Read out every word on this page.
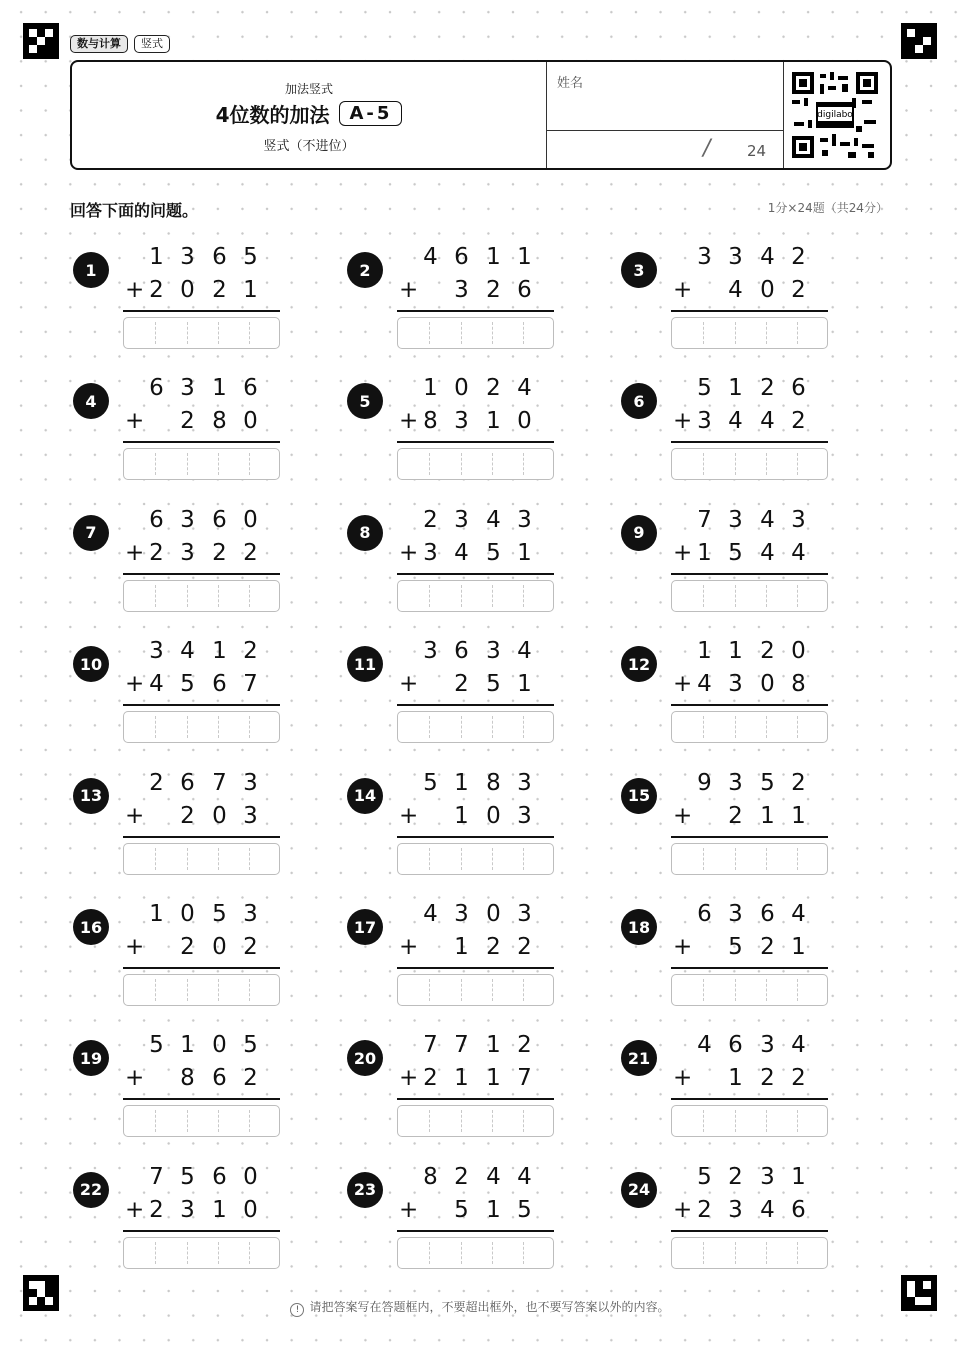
数与计算	竖式
加法竖式
4位数的加法	A-5
竖式（不进位）
姓名
/ 24
digilabo
回答下面的问题。	1分×24题（共24分）
1	1 3 6 5
2 0 2 1
+
2	4 6 1 1
3 2 6
+
3	3 3 4 2
4 0 2
+
4	6 3 1 6
2 8 0
+
5	1 0 2 4
8 3 1 0
+
6	5 1 2 6
3 4 4 2
+
7	6 3 6 0
2 3 2 2
+
8	2 3 4 3
3 4 5 1
+
9	7 3 4 3
1 5 4 4
+
10	3 4 1 2
4 5 6 7
+
11	3 6 3 4
2 5 1
+
12	1 1 2 0
4 3 0 8
+
13	2 6 7 3
2 0 3
+
14	5 1 8 3
1 0 3
+
15	9 3 5 2
2 1 1
+
16	1 0 5 3
2 0 2
+
17	4 3 0 3
1 2 2
+
18	6 3 6 4
5 2 1
+
19	5 1 0 5
8 6 2
+
20	7 7 1 2
2 1 1 7
+
21	4 6 3 4
1 2 2
+
22	7 5 6 0
2 3 1 0
+
23	8 2 4 4
5 1 5
+
24	5 2 3 1
2 3 4 6
+
! 请把答案写在答题框内，不要超出框外，也不要写答案以外的内容。
